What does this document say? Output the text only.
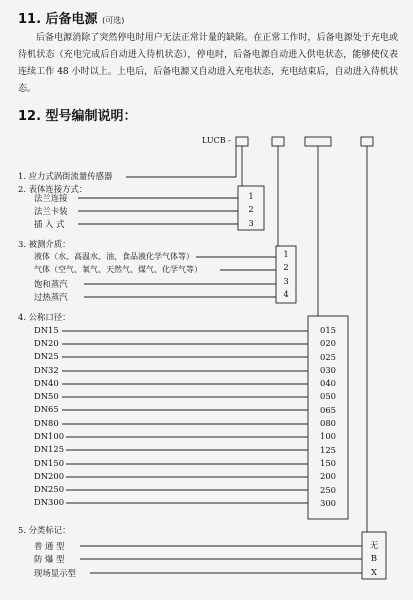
11. 后备电源 (可选)
后备电源消除了突然停电时用户无法正常计量的缺陷。在正常工作时，后备电源处于充电或待机状态（充电完成后自动进入待机状态），停电时，后备电源自动进入供电状态，能够使仪表连续工作 48 小时以上。上电后，后备电源又自动进入充电状态，充电结束后，自动进入待机状态。
12. 型号编制说明：
LUCB -
1. 应力式涡街流量传感器
2. 表体连接方式：
法兰连接
法兰卡装
插 入 式
1
2
3
3. 被测介质：
液体（水、高温水、油、食品液化学气体等）
气体（空气、氧气、天然气、煤气、化学气等）
饱和蒸汽
过热蒸汽
1
2
3
4
4. 公称口径：
DN15
DN20
DN25
DN32
DN40
DN50
DN65
DN80
DN100
DN125
DN150
DN200
DN250
DN300
015
020
025
030
040
050
065
080
100
125
150
200
250
300
5. 分类标记：
普 通 型
防 爆 型
现场显示型
无
B
X
